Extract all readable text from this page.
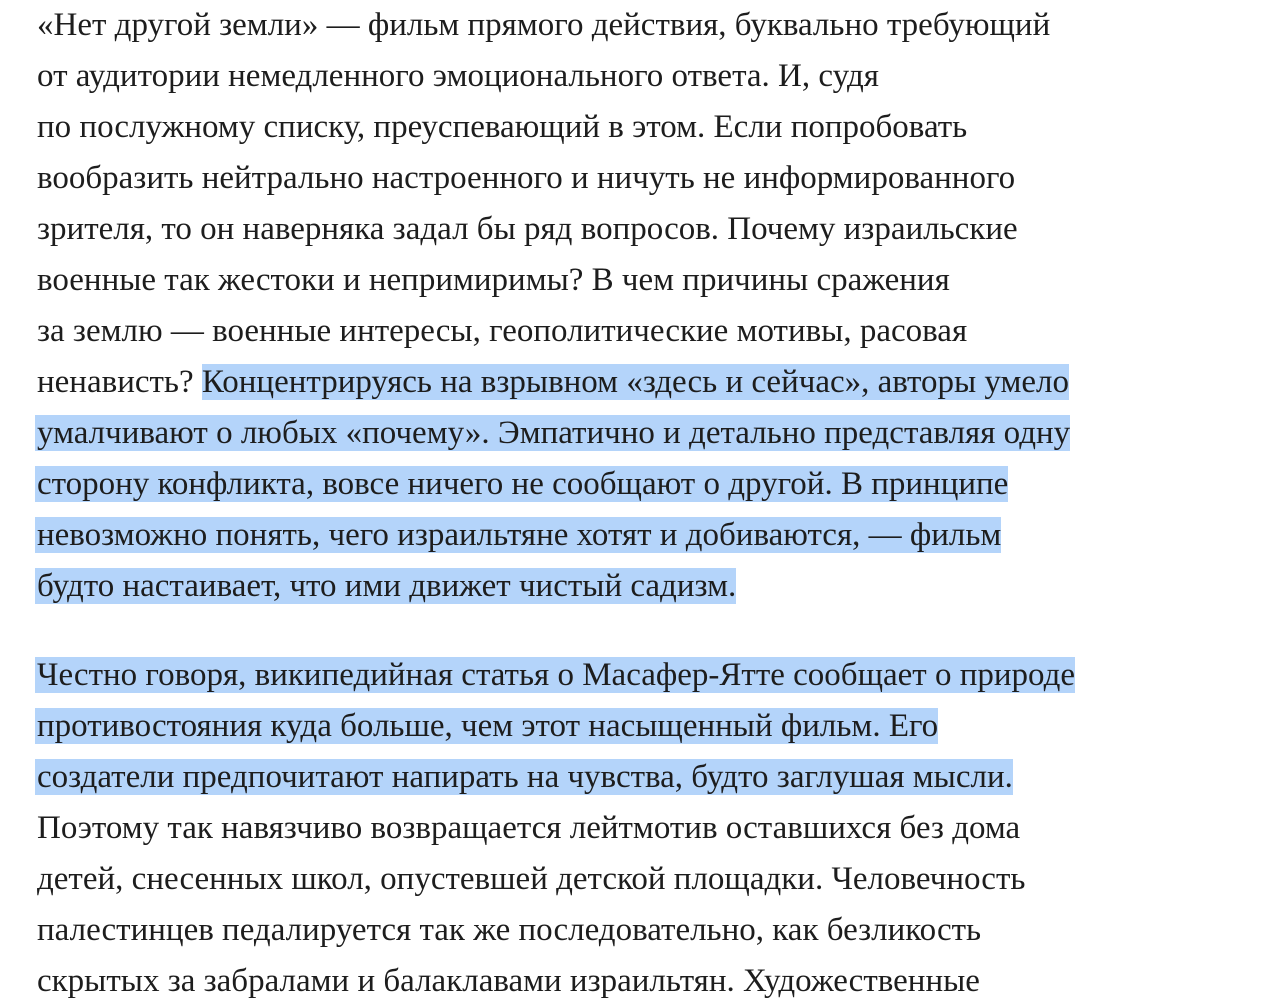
«Нет другой земли» — фильм прямого действия, буквально требующий
от аудитории немедленного эмоционального ответа. И, судя
по послужному списку, преуспевающий в этом. Если попробовать
вообразить нейтрально настроенного и ничуть не информированного
зрителя, то он наверняка задал бы ряд вопросов. Почему израильские
военные так жестоки и непримиримы? В чем причины сражения
за землю — военные интересы, геополитические мотивы, расовая
ненависть? Концентрируясь на взрывном «здесь и сейчас», авторы умело
умалчивают о любых «почему». Эмпатично и детально представляя одну
сторону конфликта, вовсе ничего не сообщают о другой. В принципе
невозможно понять, чего израильтяне хотят и добиваются, — фильм
будто настаивает, что ими движет чистый садизм.
Честно говоря, википедийная статья о Масафер-Ятте сообщает о природе
противостояния куда больше, чем этот насыщенный фильм. Его
создатели предпочитают напирать на чувства, будто заглушая мысли.
Поэтому так навязчиво возвращается лейтмотив оставшихся без дома
детей, снесенных школ, опустевшей детской площадки. Человечность
палестинцев педалируется так же последовательно, как безликость
скрытых за забралами и балаклавами израильтян. Художественные
